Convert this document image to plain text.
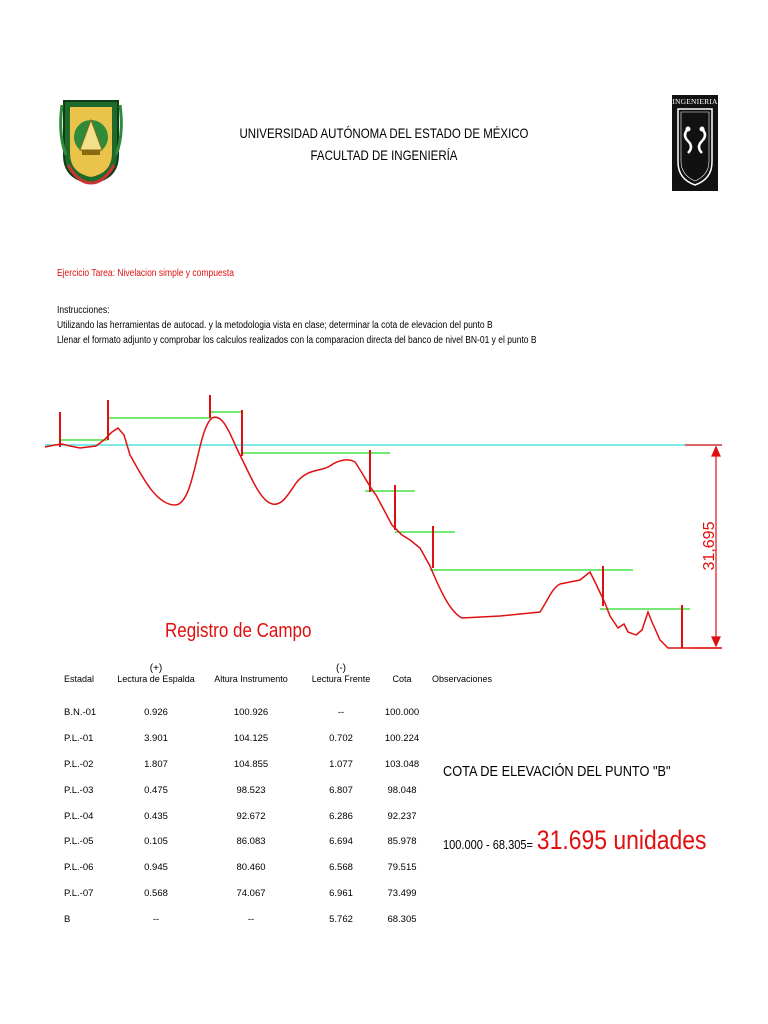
INGENIERIA
UNIVERSIDAD AUTÓNOMA DEL ESTADO DE MÉXICO
FACULTAD DE INGENIERÍA
Ejercicio Tarea: Nivelacion simple y compuesta
Instrucciones:
Utilizando las herramientas de autocad. y la metodologia vista en clase; determinar la cota de elevacion del punto B
Llenar el formato adjunto y comprobar los calculos realizados con la comparacion directa del banco de nivel BN-01 y el punto B
31,695
Registro de Campo
	(+)		(-)		
Estadal	Lectura de Espalda	Altura Instrumento	Lectura Frente	Cota	Observaciones
B.N.-01	0.926	100.926	--	100.000	
P.L.-01	3.901	104.125	0.702	100.224	
P.L.-02	1.807	104.855	1.077	103.048	
P.L.-03	0.475	98.523	6.807	98.048	
P.L.-04	0.435	92.672	6.286	92.237	
P.L.-05	0.105	86.083	6.694	85.978	
P.L.-06	0.945	80.460	6.568	79.515	
P.L.-07	0.568	74.067	6.961	73.499	
B	--	--	5.762	68.305	
COTA DE ELEVACIÓN DEL PUNTO "B"
100.000 - 68.305= 31.695 unidades
